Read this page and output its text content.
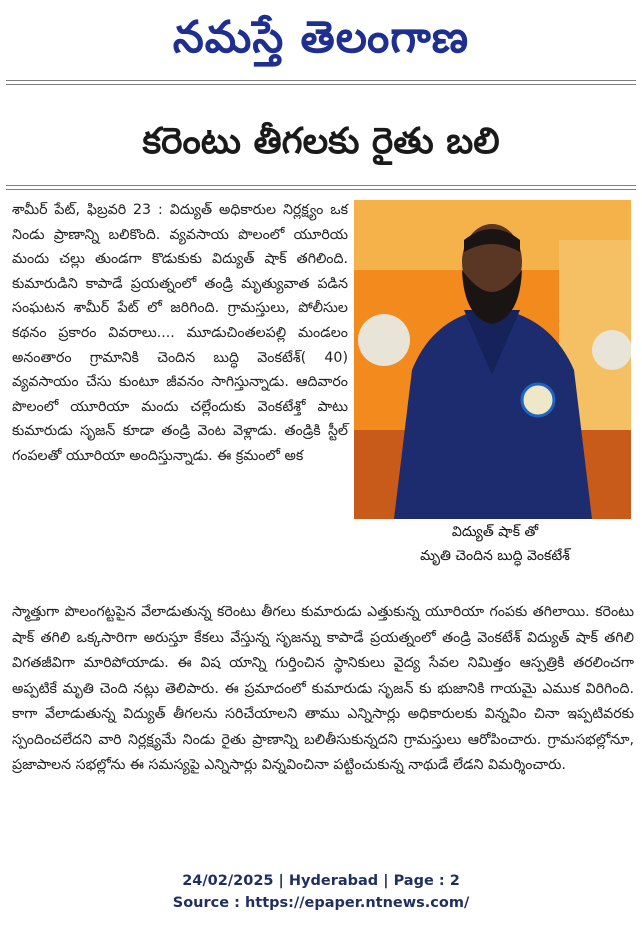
నమస్తే తెలంగాణ
కరెంటు తీగలకు రైతు బలి
శామీర్ పేట్, ఫిబ్రవరి 23 : విద్యుత్ అధికారుల నిర్లక్ష్యం ఒక నిండు ప్రాణాన్ని బలికొంది. వ్యవసాయ పొలంలో యూరియ మందు చల్లు తుండగా కొడుకుకు విద్యుత్ షాక్ తగిలింది. కుమారుడిని కాపాడే ప్రయత్నంలో తండ్రి మృత్యువాత పడిన సంఘటన శామీర్ పేట్ లో జరిగింది. గ్రామస్తులు, పోలీసుల కథనం ప్రకారం వివరాలు.... మూడుచింతలపల్లి మండలం అనంతారం గ్రామానికి చెందిన బుద్ధి వెంకటేశ్( 40) వ్యవసాయం చేసు కుంటూ జీవనం సాగిస్తున్నాడు. ఆదివారం పొలంలో యూరియా మందు చల్లేందుకు వెంకటేశ్తో పాటు కుమారుడు సృజన్ కూడా తండ్రి వెంట వెళ్లాడు. తండ్రికి స్టీల్ గంపలతో యూరియా అందిస్తున్నాడు. ఈ క్రమంలో అక
విద్యుత్ షాక్ తో
మృతి చెందిన బుద్ధి వెంకటేశ్
స్మాత్తుగా పొలంగట్టపైన వేలాడుతున్న కరెంటు తీగలు కుమారుడు ఎత్తుకున్న యూరియా గంపకు తగిలాయి. కరెంటు షాక్ తగిలి ఒక్కసారిగా అరుస్తూ కేకలు వేస్తున్న సృజన్ను కాపాడే ప్రయత్నంలో తండ్రి వెంకటేశ్ విద్యుత్ షాక్ తగిలి విగతజీవిగా మారిపోయాడు. ఈ విష యాన్ని గుర్తించిన స్థానికులు వైద్య సేవల నిమిత్తం ఆస్పత్రికి తరలించగా అప్పటికే మృతి చెంది నట్లు తెలిపారు. ఈ ప్రమాదంలో కుమారుడు సృజన్ కు భుజానికి గాయమై ఎముక విరిగింది. కాగా వేలాడుతున్న విద్యుత్ తీగలను సరిచేయాలని తాము ఎన్నిసార్లు అధికారులకు విన్నవిం చినా ఇప్పటివరకు స్పందించలేదని వారి నిర్లక్ష్యమే నిండు రైతు ప్రాణాన్ని బలితీసుకున్నదని గ్రామస్తులు ఆరోపించారు. గ్రామసభల్లోనూ, ప్రజాపాలన సభల్లోను ఈ సమస్యపై ఎన్నిసార్లు విన్నవించినా పట్టించుకున్న నాథుడే లేడని విమర్శించారు.
24/02/2025 | Hyderabad | Page : 2
Source : https://epaper.ntnews.com/
